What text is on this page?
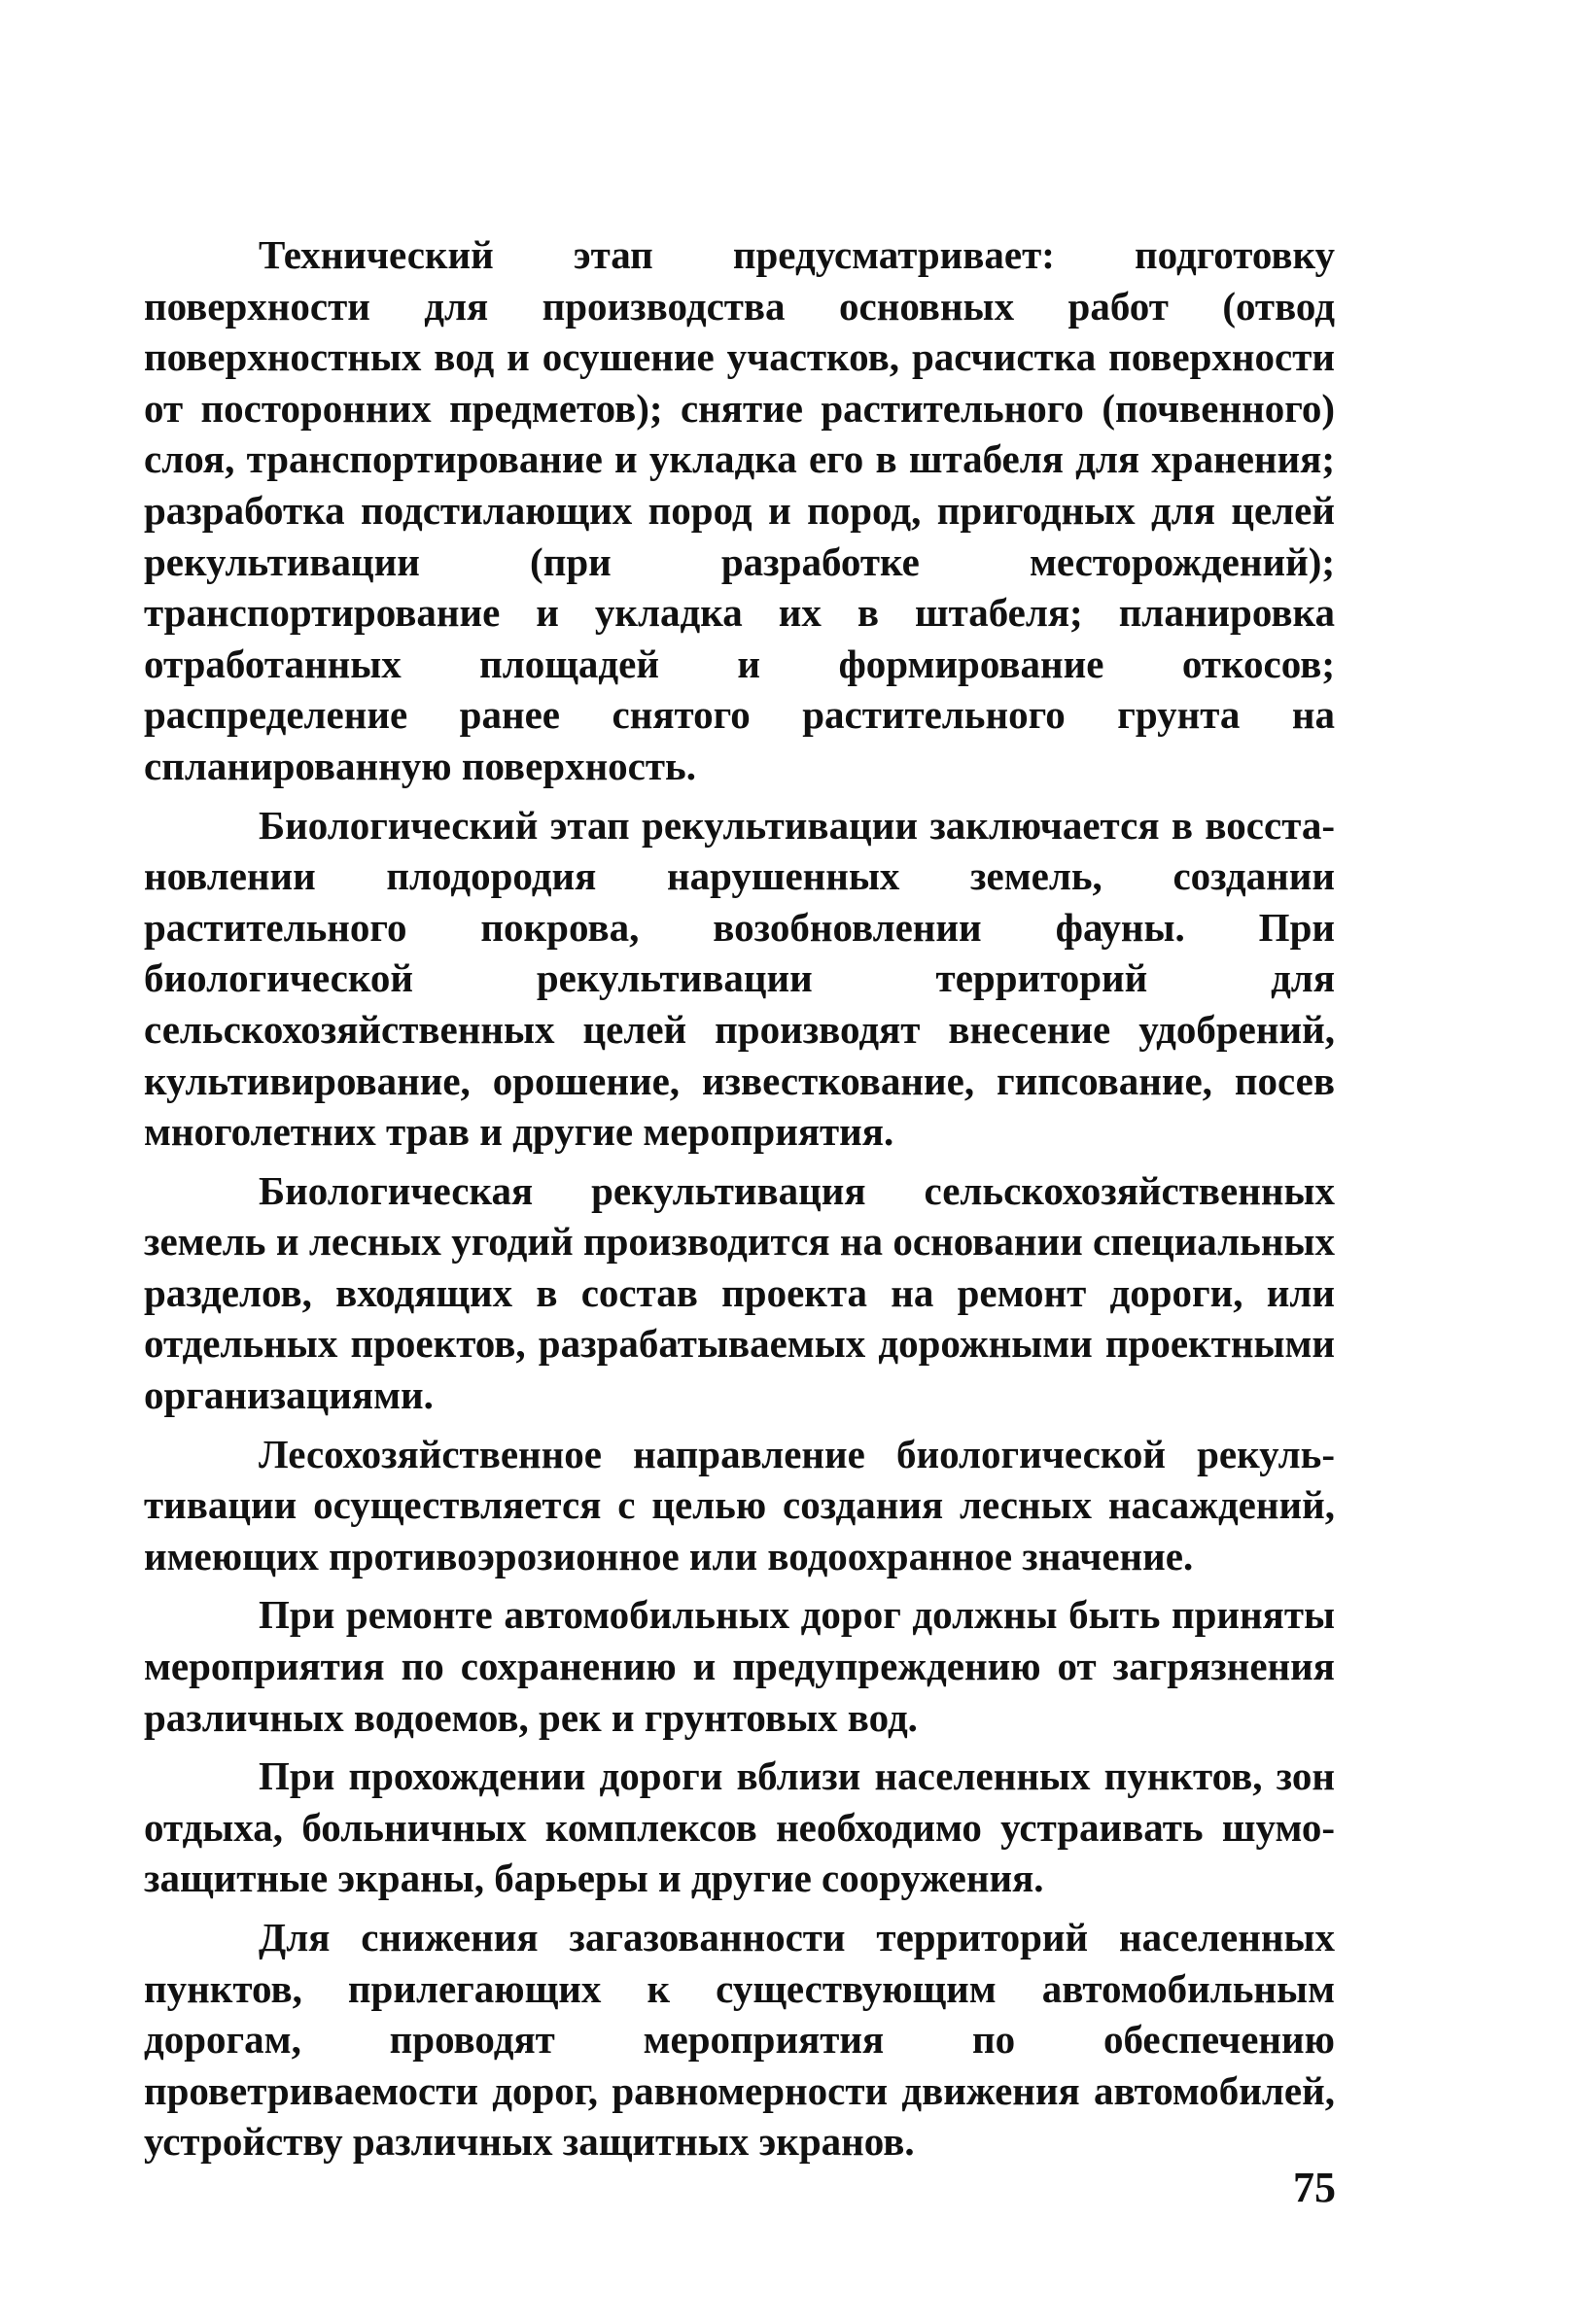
Технический этап предусматривает: подготовку поверхности для производства основных работ (отвод поверхностных вод и осушение участков, расчистка поверхности от посторонних предметов); снятие растительного (почвенного) слоя, транспортирование и укладка его в штабеля для хранения; разработка подстилающих пород и пород, пригодных для целей рекультивации (при разработке месторождений); транспортирование и укладка их в штабеля; планировка отработанных площадей и формирование откосов; распределение ранее снятого растительного грунта на спланированную поверхность.

Биологический этап рекультивации заключается в восстановлении плодородия нарушенных земель, создании растительного покрова, возобновлении фауны. При биологической рекультивации территорий для сельскохозяйственных целей производят внесение удобрений, культивирование, орошение, известкование, гипсование, посев многолетних трав и другие мероприятия.

Биологическая рекультивация сельскохозяйственных земель и лесных угодий производится на основании специальных разделов, входящих в состав проекта на ремонт дороги, или отдельных проектов, разрабатываемых дорожными проектными организациями.

Лесохозяйственное направление биологической рекультивации осуществляется с целью создания лесных насаждений, имеющих противоэрозионное или водоохранное значение.

При ремонте автомобильных дорог должны быть приняты мероприятия по сохранению и предупреждению от загрязнения различных водоемов, рек и грунтовых вод.

При прохождении дороги вблизи населенных пунктов, зон отдыха, больничных комплексов необходимо устраивать шумозащитные экраны, барьеры и другие сооружения.

Для снижения загазованности территорий населенных пунктов, прилегающих к существующим автомобильным дорогам, проводят мероприятия по обеспечению проветриваемости дорог, равномерности движения автомобилей, устройству различных защитных экранов.

75
